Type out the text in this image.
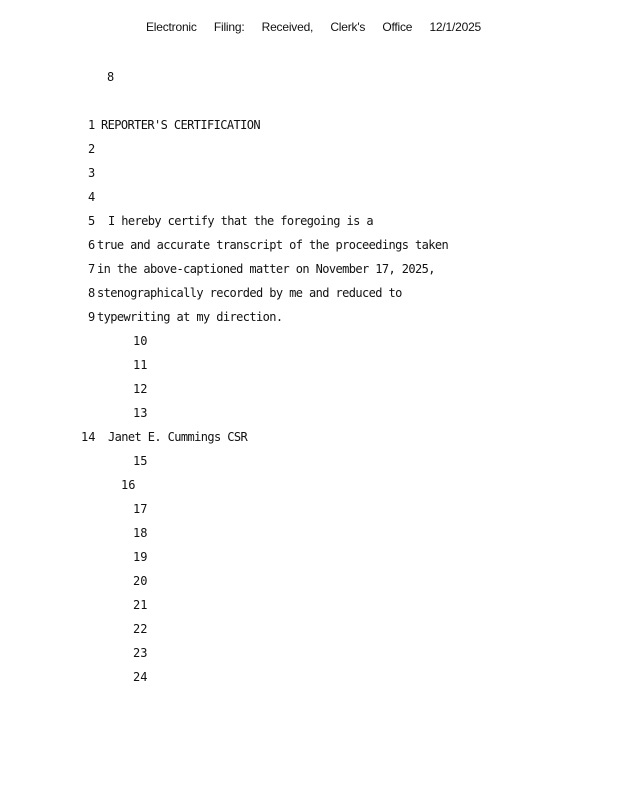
Electronic Filing: Received, Clerk's Office 12/1/2025
8
1 REPORTER'S CERTIFICATION
2
3
4
5 I hereby certify that the foregoing is a
6 true and accurate transcript of the proceedings taken
7 in the above-captioned matter on November 17, 2025,
8 stenographically recorded by me and reduced to
9 typewriting at my direction.
10
11
12
13
14 Janet E. Cummings CSR
15
16
17
18
19
20
21
22
23
24
